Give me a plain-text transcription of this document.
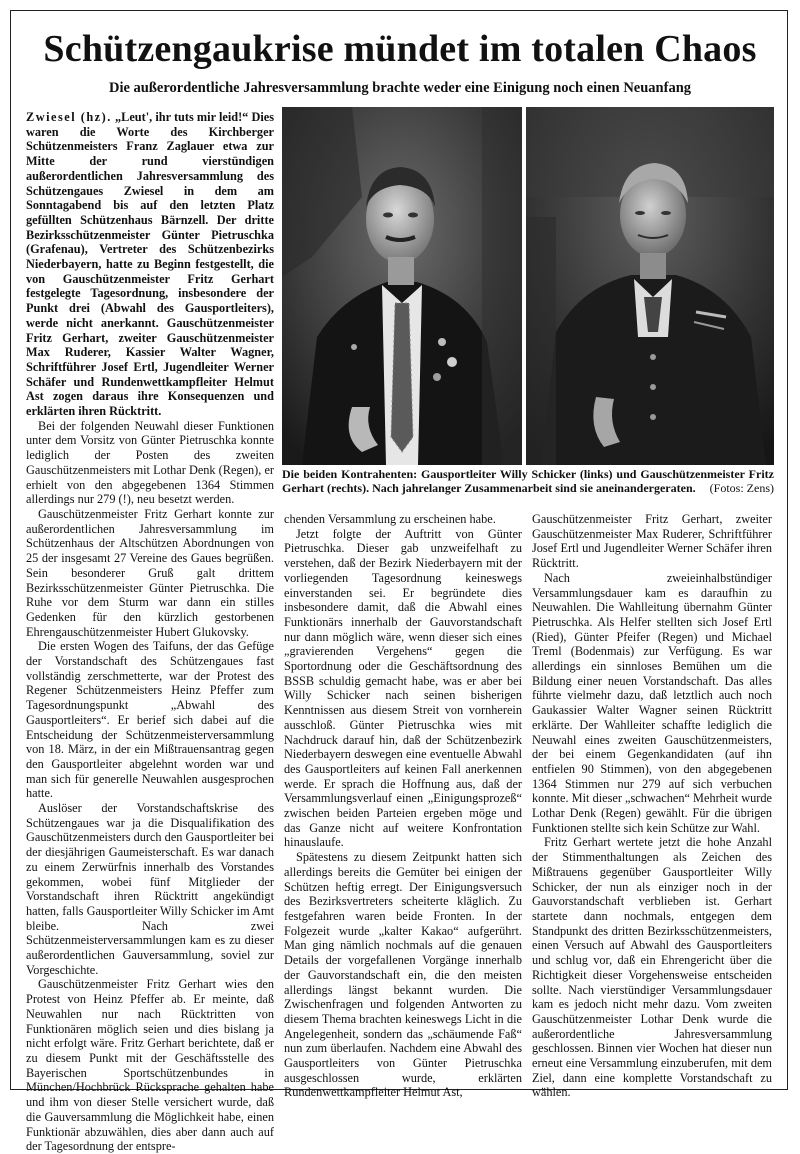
Schützengaukrise mündet im totalen Chaos
Die außerordentliche Jahresversammlung brachte weder eine Einigung noch einen Neuanfang

Zwiesel (hz). „Leut', ihr tuts mir leid!“ Dies waren die Worte des Kirchberger Schützenmeisters Franz Zaglauer etwa zur Mitte der rund vierstündigen außerordentlichen Jahresversammlung des Schützengaues Zwiesel in dem am Sonntagabend bis auf den letzten Platz gefüllten Schützenhaus Bärnzell. Der dritte Bezirksschützenmeister Günter Pietruschka (Grafenau), Vertreter des Schützenbezirks Niederbayern, hatte zu Beginn festgestellt, die von Gauschützenmeister Fritz Gerhart festgelegte Tagesordnung, insbesondere der Punkt drei (Abwahl des Gausportleiters), werde nicht anerkannt. Gauschützenmeister Fritz Gerhart, zweiter Gauschützenmeister Max Ruderer, Kassier Walter Wagner, Schriftführer Josef Ertl, Jugendleiter Werner Schäfer und Rundenwettkampfleiter Helmut Ast zogen daraus ihre Konsequenzen und erklärten ihren Rücktritt.

Bei der folgenden Neuwahl dieser Funktionen unter dem Vorsitz von Günter Pietruschka konnte lediglich der Posten des zweiten Gauschützenmeisters mit Lothar Denk (Regen), er erhielt von den abgegebenen 1364 Stimmen allerdings nur 279 (!), neu besetzt werden.

Gauschützenmeister Fritz Gerhart konnte zur außerordentlichen Jahresversammlung im Schützenhaus der Altschützen Abordnungen von 25 der insgesamt 27 Vereine des Gaues begrüßen. Sein besonderer Gruß galt drittem Bezirksschützenmeister Günter Pietruschka. Die Ruhe vor dem Sturm war dann ein stilles Gedenken für den kürzlich gestorbenen Ehrengauschützenmeister Hubert Glukovsky.

Die ersten Wogen des Taifuns, der das Gefüge der Vorstandschaft des Schützengaues fast vollständig zerschmetterte, war der Protest des Regener Schützenmeisters Heinz Pfeffer zum Tagesordnungspunkt „Abwahl des Gausportleiters“. Er berief sich dabei auf die Entscheidung der Schützenmeisterversammlung von 18. März, in der ein Mißtrauensantrag gegen den Gausportleiter abgelehnt worden war und man sich für generelle Neuwahlen ausgesprochen hatte.

Auslöser der Vorstandschaftskrise des Schützengaues war ja die Disqualifikation des Gauschützenmeisters durch den Gausportleiter bei der diesjährigen Gaumeisterschaft. Es war danach zu einem Zerwürfnis innerhalb des Vorstandes gekommen, wobei fünf Mitglieder der Vorstandschaft ihren Rücktritt angekündigt hatten, falls Gausportleiter Willy Schicker im Amt bleibe. Nach zwei Schützenmeisterversammlungen kam es zu dieser außerordentlichen Gauversammlung, soviel zur Vorgeschichte.

Gauschützenmeister Fritz Gerhart wies den Protest von Heinz Pfeffer ab. Er meinte, daß Neuwahlen nur nach Rücktritten von Funktionären möglich seien und dies bislang ja nicht erfolgt wäre. Fritz Gerhart berichtete, daß er zu diesem Punkt mit der Geschäftsstelle des Bayerischen Sportschützenbundes in München/Hochbrück Rücksprache gehalten habe und ihm von dieser Stelle versichert wurde, daß die Gauversammlung die Möglichkeit habe, einen Funktionär abzuwählen, dies aber dann auch auf der Tagesordnung der entspre-

Die beiden Kontrahenten: Gausportleiter Willy Schicker (links) und Gauschützenmeister Fritz Gerhart (rechts). Nach jahrelanger Zusammenarbeit sind sie aneinandergeraten. (Fotos: Zens)

chenden Versammlung zu erscheinen habe.

Jetzt folgte der Auftritt von Günter Pietruschka. Dieser gab unzweifelhaft zu verstehen, daß der Bezirk Niederbayern mit der vorliegenden Tagesordnung keineswegs einverstanden sei. Er begründete dies insbesondere damit, daß die Abwahl eines Funktionärs innerhalb der Gauvorstandschaft nur dann möglich wäre, wenn dieser sich eines „gravierenden Vergehens“ gegen die Sportordnung oder die Geschäftsordnung des BSSB schuldig gemacht habe, was er aber bei Willy Schicker nach seinen bisherigen Kenntnissen aus diesem Streit von vornherein ausschloß. Günter Pietruschka wies mit Nachdruck darauf hin, daß der Schützenbezirk Niederbayern deswegen eine eventuelle Abwahl des Gausportleiters auf keinen Fall anerkennen werde. Er sprach die Hoffnung aus, daß der Versammlungsverlauf einen „Einigungsprozeß“ zwischen beiden Parteien ergeben möge und das Ganze nicht auf weitere Konfrontation hinauslaufe.

Spätestens zu diesem Zeitpunkt hatten sich allerdings bereits die Gemüter bei einigen der Schützen heftig erregt. Der Einigungsversuch des Bezirksvertreters scheiterte kläglich. Zu festgefahren waren beide Fronten. In der Folgezeit wurde „kalter Kakao“ aufgerührt. Man ging nämlich nochmals auf die genauen Details der vorgefallenen Vorgänge innerhalb der Gauvorstandschaft ein, die den meisten allerdings längst bekannt wurden. Die Zwischenfragen und folgenden Antworten zu diesem Thema brachten keineswegs Licht in die Angelegenheit, sondern das „schäumende Faß“ nun zum überlaufen. Nachdem eine Abwahl des Gausportleiters von Günter Pietruschka ausgeschlossen wurde, erklärten Rundenwettkampfleiter Helmut Ast,

Gauschützenmeister Fritz Gerhart, zweiter Gauschützenmeister Max Ruderer, Schriftführer Josef Ertl und Jugendleiter Werner Schäfer ihren Rücktritt.

Nach zweieinhalbstündiger Versammlungsdauer kam es daraufhin zu Neuwahlen. Die Wahlleitung übernahm Günter Pietruschka. Als Helfer stellten sich Josef Ertl (Ried), Günter Pfeifer (Regen) und Michael Treml (Bodenmais) zur Verfügung. Es war allerdings ein sinnloses Bemühen um die Bildung einer neuen Vorstandschaft. Das alles führte vielmehr dazu, daß letztlich auch noch Gaukassier Walter Wagner seinen Rücktritt erklärte. Der Wahlleiter schaffte lediglich die Neuwahl eines zweiten Gauschützenmeisters, der bei einem Gegenkandidaten (auf ihn entfielen 90 Stimmen), von den abgegebenen 1364 Stimmen nur 279 auf sich verbuchen konnte. Mit dieser „schwachen“ Mehrheit wurde Lothar Denk (Regen) gewählt. Für die übrigen Funktionen stellte sich kein Schütze zur Wahl.

Fritz Gerhart wertete jetzt die hohe Anzahl der Stimmenthaltungen als Zeichen des Mißtrauens gegenüber Gausportleiter Willy Schicker, der nun als einziger noch in der Gauvorstandschaft verblieben ist. Gerhart startete dann nochmals, entgegen dem Standpunkt des dritten Bezirksschützenmeisters, einen Versuch auf Abwahl des Gausportleiters und schlug vor, daß ein Ehrengericht über die Richtigkeit dieser Vorgehensweise entscheiden sollte. Nach vierstündiger Versammlungsdauer kam es jedoch nicht mehr dazu. Vom zweiten Gauschützenmeister Lothar Denk wurde die außerordentliche Jahresversammlung geschlossen. Binnen vier Wochen hat dieser nun erneut eine Versammlung einzuberufen, mit dem Ziel, dann eine komplette Vorstandschaft zu wählen.
